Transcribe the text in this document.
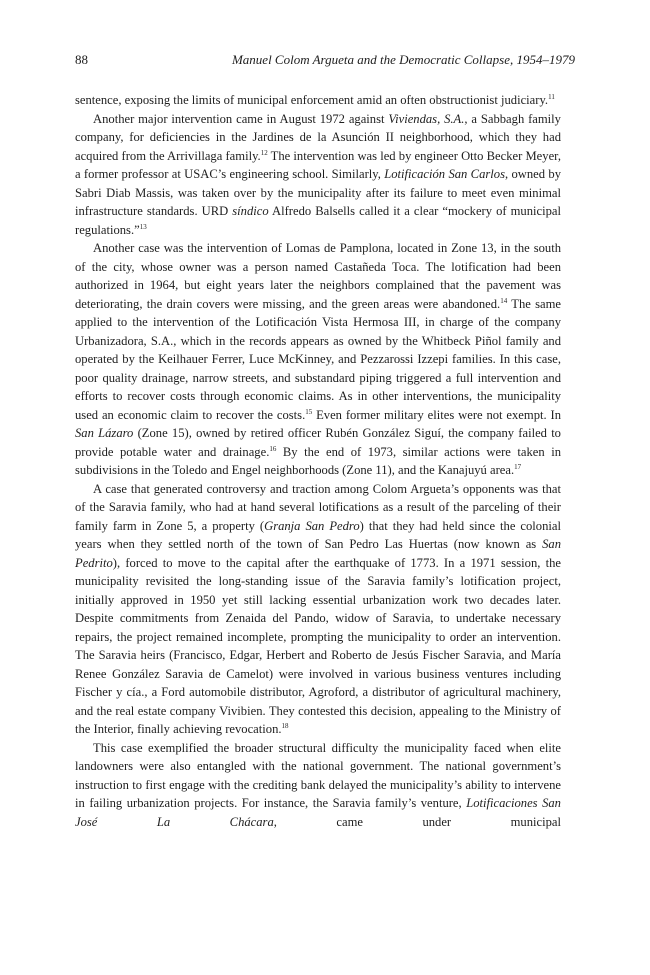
88	Manuel Colom Argueta and the Democratic Collapse, 1954–1979

sentence, exposing the limits of municipal enforcement amid an often obstructionist judiciary.$^{11}$

Another major intervention came in August 1972 against Viviendas, S.A., a Sabbagh family company, for deficiencies in the Jardines de la Asunción II neighborhood, which they had acquired from the Arrivillaga family.$^{12}$ The intervention was led by engineer Otto Becker Meyer, a former professor at USAC’s engineering school. Similarly, Lotificación San Carlos, owned by Sabri Diab Massis, was taken over by the municipality after its failure to meet even minimal infrastructure standards. URD síndico Alfredo Balsells called it a clear “mockery of municipal regulations.”$^{13}$

Another case was the intervention of Lomas de Pamplona, located in Zone 13, in the south of the city, whose owner was a person named Castañeda Toca. The lotification had been authorized in 1964, but eight years later the neighbors complained that the pavement was deteriorating, the drain covers were missing, and the green areas were abandoned.$^{14}$ The same applied to the intervention of the Lotificación Vista Hermosa III, in charge of the company Urbanizadora, S.A., which in the records appears as owned by the Whitbeck Piñol family and operated by the Keilhauer Ferrer, Luce McKinney, and Pezzarossi Izzepi families. In this case, poor quality drainage, narrow streets, and substandard piping triggered a full intervention and efforts to recover costs through economic claims. As in other interventions, the municipality used an economic claim to recover the costs.$^{15}$ Even former military elites were not exempt. In San Lázaro (Zone 15), owned by retired officer Rubén González Siguí, the company failed to provide potable water and drainage.$^{16}$ By the end of 1973, similar actions were taken in subdivisions in the Toledo and Engel neighborhoods (Zone 11), and the Kanajuyú area.$^{17}$

A case that generated controversy and traction among Colom Argueta’s opponents was that of the Saravia family, who had at hand several lotifications as a result of the parceling of their family farm in Zone 5, a property (Granja San Pedro) that they had held since the colonial years when they settled north of the town of San Pedro Las Huertas (now known as San Pedrito), forced to move to the capital after the earthquake of 1773. In a 1971 session, the municipality revisited the long-standing issue of the Saravia family’s lotification project, initially approved in 1950 yet still lacking essential urbanization work two decades later. Despite commitments from Zenaida del Pando, widow of Saravia, to undertake necessary repairs, the project remained incomplete, prompting the municipality to order an intervention. The Saravia heirs (Francisco, Edgar, Herbert and Roberto de Jesús Fischer Saravia, and María Renee González Saravia de Camelot) were involved in various business ventures including Fischer y cía., a Ford automobile distributor, Agroford, a distributor of agricultural machinery, and the real estate company Vivibien. They contested this decision, appealing to the Ministry of the Interior, finally achieving revocation.$^{18}$

This case exemplified the broader structural difficulty the municipality faced when elite landowners were also entangled with the national government. The national government’s instruction to first engage with the crediting bank delayed the municipality’s ability to intervene in failing urbanization projects. For instance, the Saravia family’s venture, Lotificaciones San José La Chácara, came under municipal
